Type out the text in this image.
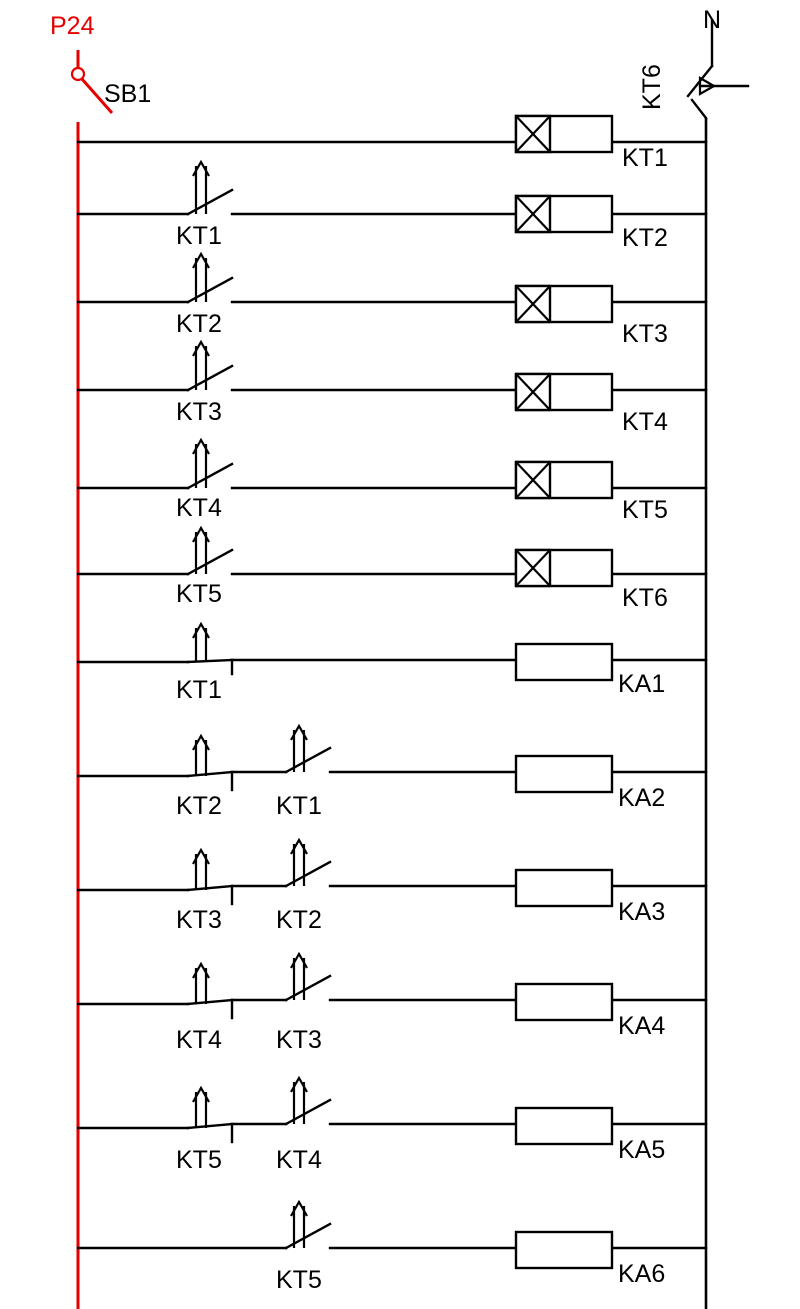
P24
SB1
N
KT6
KT1
KT1	KT2
KT2	KT3
KT3	KT4
KT4	KT5
KT5	KT6
KT1	KA1
KT2 KT1	KA2
KT3 KT2	KA3
KT4 KT3	KA4
KT5 KT4	KA5
KT5	KA6
